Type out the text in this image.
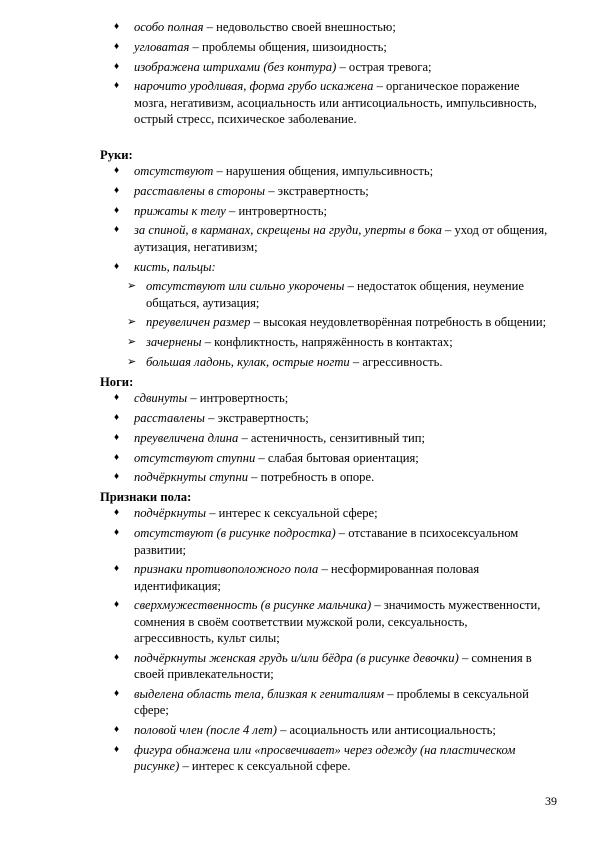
♦ особо полная – недовольство своей внешностью;
♦ угловатая – проблемы общения, шизоидность;
♦ изображена штрихами (без контура) – острая тревога;
♦ нарочито уродливая, форма грубо искажена – органическое поражение мозга, негативизм, асоциальность или антисоциальность, импульсивность, острый стресс, психическое заболевание.

Руки:

♦ отсутствуют – нарушения общения, импульсивность;
♦ расставлены в стороны – экстравертность;
♦ прижаты к телу – интровертность;
♦ за спиной, в карманах, скрещены на груди, уперты в бока – уход от общения, аутизация, негативизм;
♦ кисть, пальцы:
➢ отсутствуют или сильно укорочены – недостаток общения, неумение общаться, аутизация;
➢ преувеличен размер – высокая неудовлетворённая потребность в общении;
➢ зачернены – конфликтность, напряжённость в контактах;
➢ большая ладонь, кулак, острые ногти – агрессивность.

Ноги:

♦ сдвинуты – интровертность;
♦ расставлены – экстравертность;
♦ преувеличена длина – астеничность, сензитивный тип;
♦ отсутствуют ступни – слабая бытовая ориентация;
♦ подчёркнуты ступни – потребность в опоре.

Признаки пола:

♦ подчёркнуты – интерес к сексуальной сфере;
♦ отсутствуют (в рисунке подростка) – отставание в психосексуальном развитии;
♦ признаки противоположного пола – несформированная половая идентификация;
♦ сверхмужественность (в рисунке мальчика) – значимость мужественности, сомнения в своём соответствии мужской роли, сексуальность, агрессивность, культ силы;
♦ подчёркнуты женская грудь и/или бёдра (в рисунке девочки) – сомнения в своей привлекательности;
♦ выделена область тела, близкая к гениталиям – проблемы в сексуальной сфере;
♦ половой член (после 4 лет) – асоциальность или антисоциальность;
♦ фигура обнажена или «просвечивает» через одежду (на пластическом рисунке) – интерес к сексуальной сфере.
39
